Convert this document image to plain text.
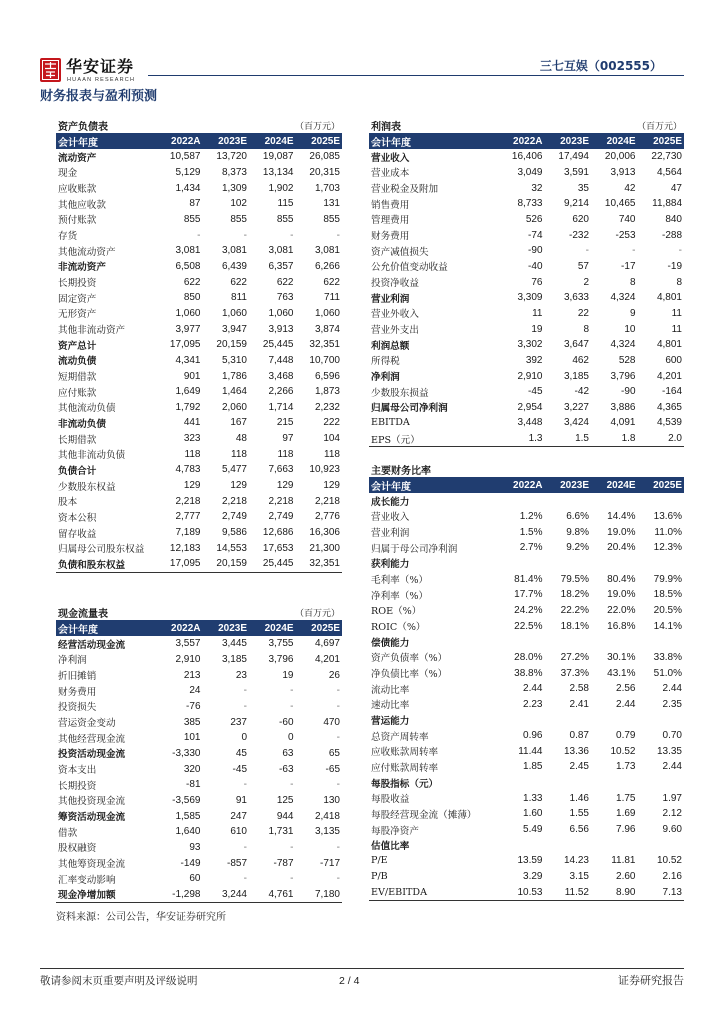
华安证券
HUAAN RESEARCH
三七互娱（002555）
财务报表与盈利预测
资产负债表	（百万元）
会计年度	2022A	2023E	2024E	2025E
流动资产	10,587	13,720	19,087	26,085
现金	5,129	8,373	13,134	20,315
应收账款	1,434	1,309	1,902	1,703
其他应收款	87	102	115	131
预付账款	855	855	855	855
存货	-	-	-	-
其他流动资产	3,081	3,081	3,081	3,081
非流动资产	6,508	6,439	6,357	6,266
长期投资	622	622	622	622
固定资产	850	811	763	711
无形资产	1,060	1,060	1,060	1,060
其他非流动资产	3,977	3,947	3,913	3,874
资产总计	17,095	20,159	25,445	32,351
流动负债	4,341	5,310	7,448	10,700
短期借款	901	1,786	3,468	6,596
应付账款	1,649	1,464	2,266	1,873
其他流动负债	1,792	2,060	1,714	2,232
非流动负债	441	167	215	222
长期借款	323	48	97	104
其他非流动负债	118	118	118	118
负债合计	4,783	5,477	7,663	10,923
少数股东权益	129	129	129	129
股本	2,218	2,218	2,218	2,218
资本公积	2,777	2,749	2,749	2,776
留存收益	7,189	9,586	12,686	16,306
归属母公司股东权益	12,183	14,553	17,653	21,300
负债和股东权益	17,095	20,159	25,445	32,351
利润表	（百万元）
会计年度	2022A	2023E	2024E	2025E
营业收入	16,406	17,494	20,006	22,730
营业成本	3,049	3,591	3,913	4,564
营业税金及附加	32	35	42	47
销售费用	8,733	9,214	10,465	11,884
管理费用	526	620	740	840
财务费用	-74	-232	-253	-288
资产减值损失	-90	-	-	-
公允价值变动收益	-40	57	-17	-19
投资净收益	76	2	8	8
营业利润	3,309	3,633	4,324	4,801
营业外收入	11	22	9	11
营业外支出	19	8	10	11
利润总额	3,302	3,647	4,324	4,801
所得税	392	462	528	600
净利润	2,910	3,185	3,796	4,201
少数股东损益	-45	-42	-90	-164
归属母公司净利润	2,954	3,227	3,886	4,365
EBITDA	3,448	3,424	4,091	4,539
EPS（元）	1.3	1.5	1.8	2.0
主要财务比率
会计年度	2022A	2023E	2024E	2025E
成长能力
营业收入	1.2%	6.6%	14.4%	13.6%
营业利润	1.5%	9.8%	19.0%	11.0%
归属于母公司净利润	2.7%	9.2%	20.4%	12.3%
获利能力
毛利率（%）	81.4%	79.5%	80.4%	79.9%
净利率（%）	17.7%	18.2%	19.0%	18.5%
ROE（%）	24.2%	22.2%	22.0%	20.5%
ROIC（%）	22.5%	18.1%	16.8%	14.1%
偿债能力
资产负债率（%）	28.0%	27.2%	30.1%	33.8%
净负债比率（%）	38.8%	37.3%	43.1%	51.0%
流动比率	2.44	2.58	2.56	2.44
速动比率	2.23	2.41	2.44	2.35
营运能力
总资产周转率	0.96	0.87	0.79	0.70
应收账款周转率	11.44	13.36	10.52	13.35
应付账款周转率	1.85	2.45	1.73	2.44
每股指标（元）
每股收益	1.33	1.46	1.75	1.97
每股经营现金流（摊薄）	1.60	1.55	1.69	2.12
每股净资产	5.49	6.56	7.96	9.60
估值比率
P/E	13.59	14.23	11.81	10.52
P/B	3.29	3.15	2.60	2.16
EV/EBITDA	10.53	11.52	8.90	7.13
现金流量表	（百万元）
会计年度	2022A	2023E	2024E	2025E
经营活动现金流	3,557	3,445	3,755	4,697
净利润	2,910	3,185	3,796	4,201
折旧摊销	213	23	19	26
财务费用	24	-	-	-
投资损失	-76	-	-	-
营运资金变动	385	237	-60	470
其他经营现金流	101	0	0	-
投资活动现金流	-3,330	45	63	65
资本支出	320	-45	-63	-65
长期投资	-81	-	-	-
其他投资现金流	-3,569	91	125	130
筹资活动现金流	1,585	247	944	2,418
借款	1,640	610	1,731	3,135
股权融资	93	-	-	-
其他筹资现金流	-149	-857	-787	-717
汇率变动影响	60	-	-	-
现金净增加额	-1,298	3,244	4,761	7,180
资料来源：公司公告，华安证券研究所
敬请参阅末页重要声明及评级说明	2 / 4	证券研究报告
